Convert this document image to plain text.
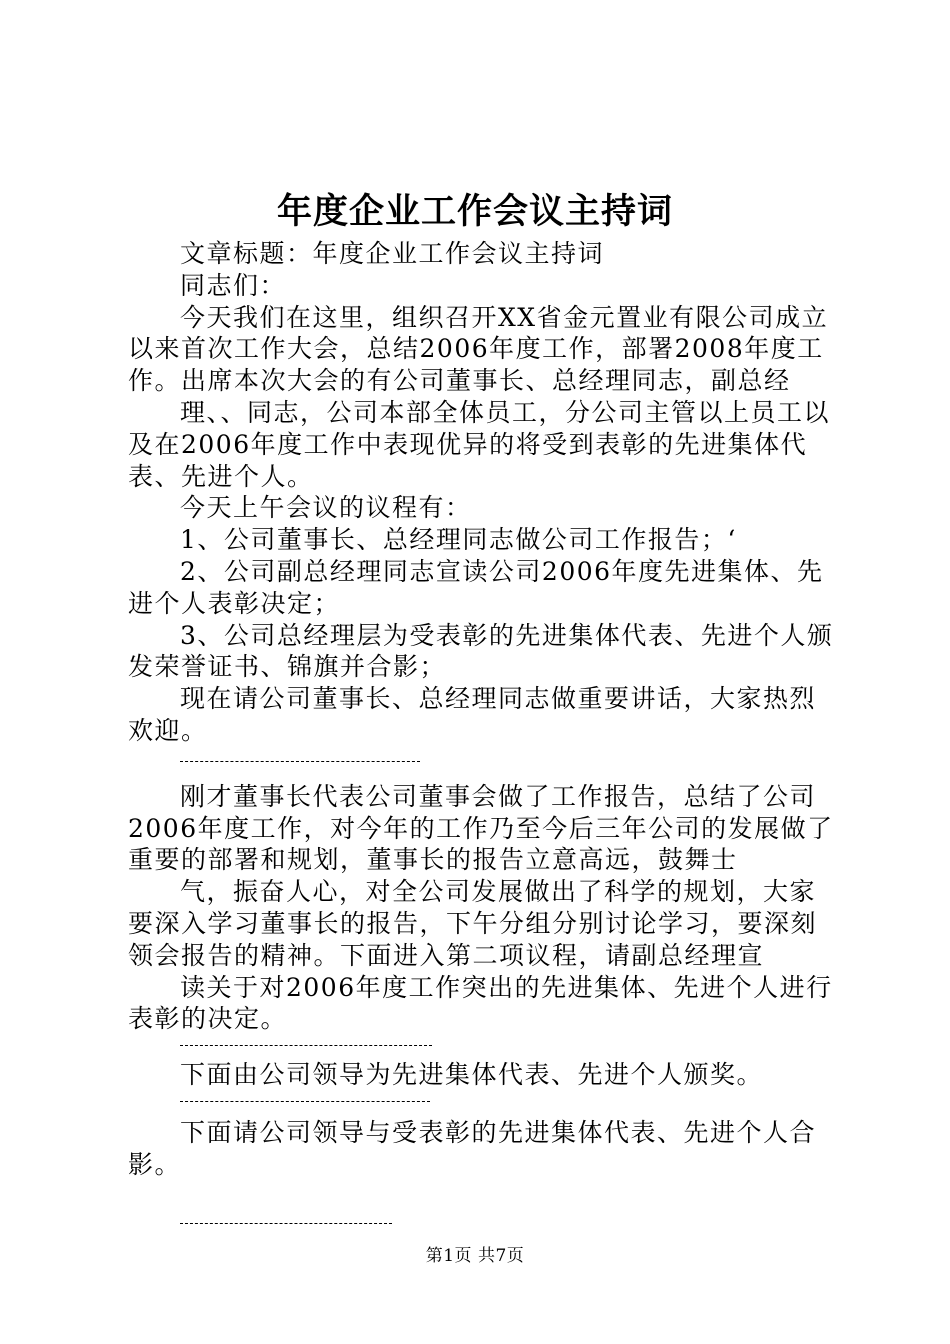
年度企业工作会议主持词

文章标题：年度企业工作会议主持词

同志们：

今天我们在这里，组织召开XX省金元置业有限公司成立以来首次工作大会，总结2006年度工作，部署2008年度工作。出席本次大会的有公司董事长、总经理同志，副总经

理、、同志，公司本部全体员工，分公司主管以上员工以及在2006年度工作中表现优异的将受到表彰的先进集体代表、先进个人。

今天上午会议的议程有：

1、公司董事长、总经理同志做公司工作报告；‘

2、公司副总经理同志宣读公司2006年度先进集体、先进个人表彰决定；

3、公司总经理层为受表彰的先进集体代表、先进个人颁发荣誉证书、锦旗并合影；

现在请公司董事长、总经理同志做重要讲话，大家热烈欢迎。

刚才董事长代表公司董事会做了工作报告，总结了公司2006年度工作，对今年的工作乃至今后三年公司的发展做了重要的部署和规划，董事长的报告立意高远，鼓舞士

气，振奋人心，对全公司发展做出了科学的规划，大家要深入学习董事长的报告，下午分组分别讨论学习，要深刻领会报告的精神。下面进入第二项议程，请副总经理宣

读关于对2006年度工作突出的先进集体、先进个人进行表彰的决定。

下面由公司领导为先进集体代表、先进个人颁奖。

下面请公司领导与受表彰的先进集体代表、先进个人合影。

第1页 共7页
